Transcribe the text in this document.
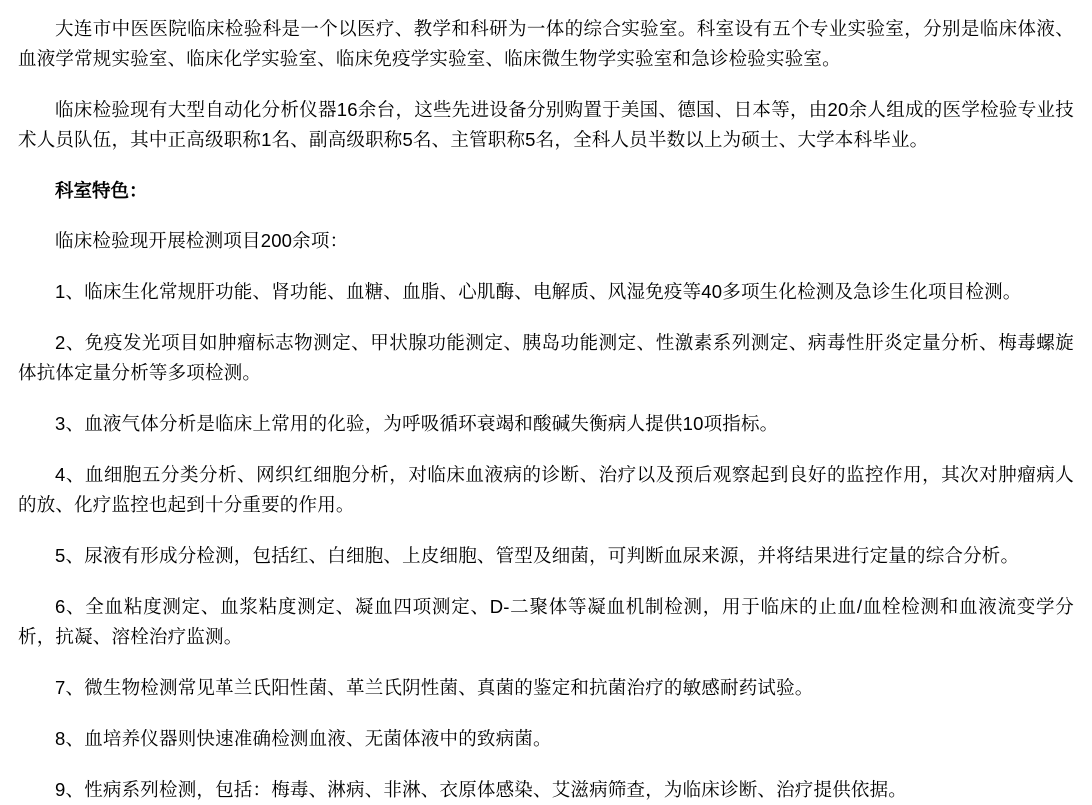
大连市中医医院临床检验科是一个以医疗、教学和科研为一体的综合实验室。科室设有五个专业实验室，分别是临床体液、血液学常规实验室、临床化学实验室、临床免疫学实验室、临床微生物学实验室和急诊检验实验室。

临床检验现有大型自动化分析仪器16余台，这些先进设备分别购置于美国、德国、日本等，由20余人组成的医学检验专业技术人员队伍，其中正高级职称1名、副高级职称5名、主管职称5名，全科人员半数以上为硕士、大学本科毕业。

科室特色：

临床检验现开展检测项目200余项：

1、临床生化常规肝功能、肾功能、血糖、血脂、心肌酶、电解质、风湿免疫等40多项生化检测及急诊生化项目检测。

2、免疫发光项目如肿瘤标志物测定、甲状腺功能测定、胰岛功能测定、性激素系列测定、病毒性肝炎定量分析、梅毒螺旋体抗体定量分析等多项检测。

3、血液气体分析是临床上常用的化验，为呼吸循环衰竭和酸碱失衡病人提供10项指标。

4、血细胞五分类分析、网织红细胞分析，对临床血液病的诊断、治疗以及预后观察起到良好的监控作用，其次对肿瘤病人的放、化疗监控也起到十分重要的作用。

5、尿液有形成分检测，包括红、白细胞、上皮细胞、管型及细菌，可判断血尿来源，并将结果进行定量的综合分析。

6、全血粘度测定、血浆粘度测定、凝血四项测定、D-二聚体等凝血机制检测，用于临床的止血/血栓检测和血液流变学分析，抗凝、溶栓治疗监测。

7、微生物检测常见革兰氏阳性菌、革兰氏阴性菌、真菌的鉴定和抗菌治疗的敏感耐药试验。

8、血培养仪器则快速准确检测血液、无菌体液中的致病菌。

9、性病系列检测，包括：梅毒、淋病、非淋、衣原体感染、艾滋病筛查，为临床诊断、治疗提供依据。
